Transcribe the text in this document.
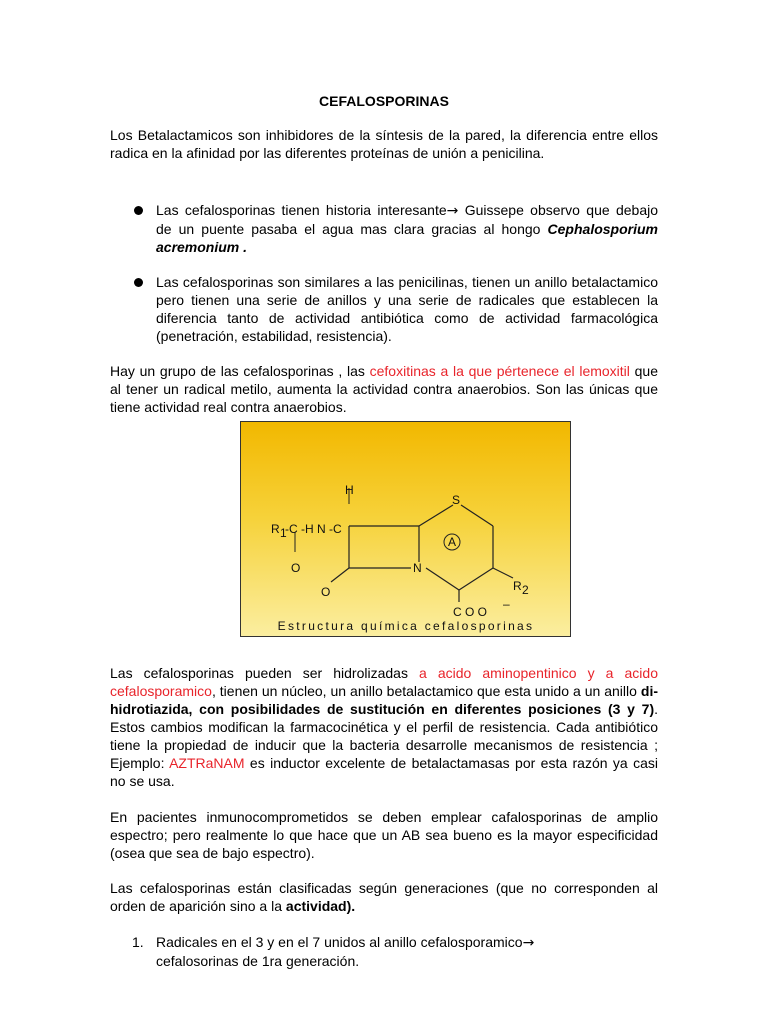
CEFALOSPORINAS

Los Betalactamicos son inhibidores de la síntesis de la pared, la diferencia entre ellos radica en la afinidad por las diferentes proteínas de unión a penicilina.

Las cefalosporinas tienen historia interesante→ Guissepe observo que debajo de un puente pasaba el agua mas clara gracias al hongo Cephalosporium acremonium .
Las cefalosporinas son similares a las penicilinas, tienen un anillo betalactamico pero tienen una serie de anillos y una serie de radicales que establecen la diferencia tanto de actividad antibiótica como de actividad farmacológica (penetración, estabilidad, resistencia).

Hay un grupo de las cefalosporinas , las cefoxitinas a la que pértenece el lemoxitil que al tener un radical metilo, aumenta la actividad contra anaerobios. Son las únicas que tiene actividad real contra anaerobios.

R 1
-C -H N -C
H
O
O
N
S
A
R 2
C O O
–
Estructura química cefalosporinas

Las cefalosporinas pueden ser hidrolizadas a acido aminopentinico y a acido cefalosporamico, tienen un núcleo, un anillo betalactamico que esta unido a un anillo di-hidrotiazida, con posibilidades de sustitución en diferentes posiciones (3 y 7). Estos cambios modifican la farmacocinética y el perfil de resistencia. Cada antibiótico tiene la propiedad de inducir que la bacteria desarrolle mecanismos de resistencia ; Ejemplo: AZTRaNAM es inductor excelente de betalactamasas por esta razón ya casi no se usa.

En pacientes inmunocomprometidos se deben emplear cafalosporinas de amplio espectro; pero realmente lo que hace que un AB sea bueno es la mayor especificidad (osea que sea de bajo espectro).

Las cefalosporinas están clasificadas según generaciones (que no corresponden al orden de aparición sino a la actividad).

1. Radicales en el 3 y en el 7 unidos al anillo cefalosporamico→
cefalosorinas de 1ra generación.
